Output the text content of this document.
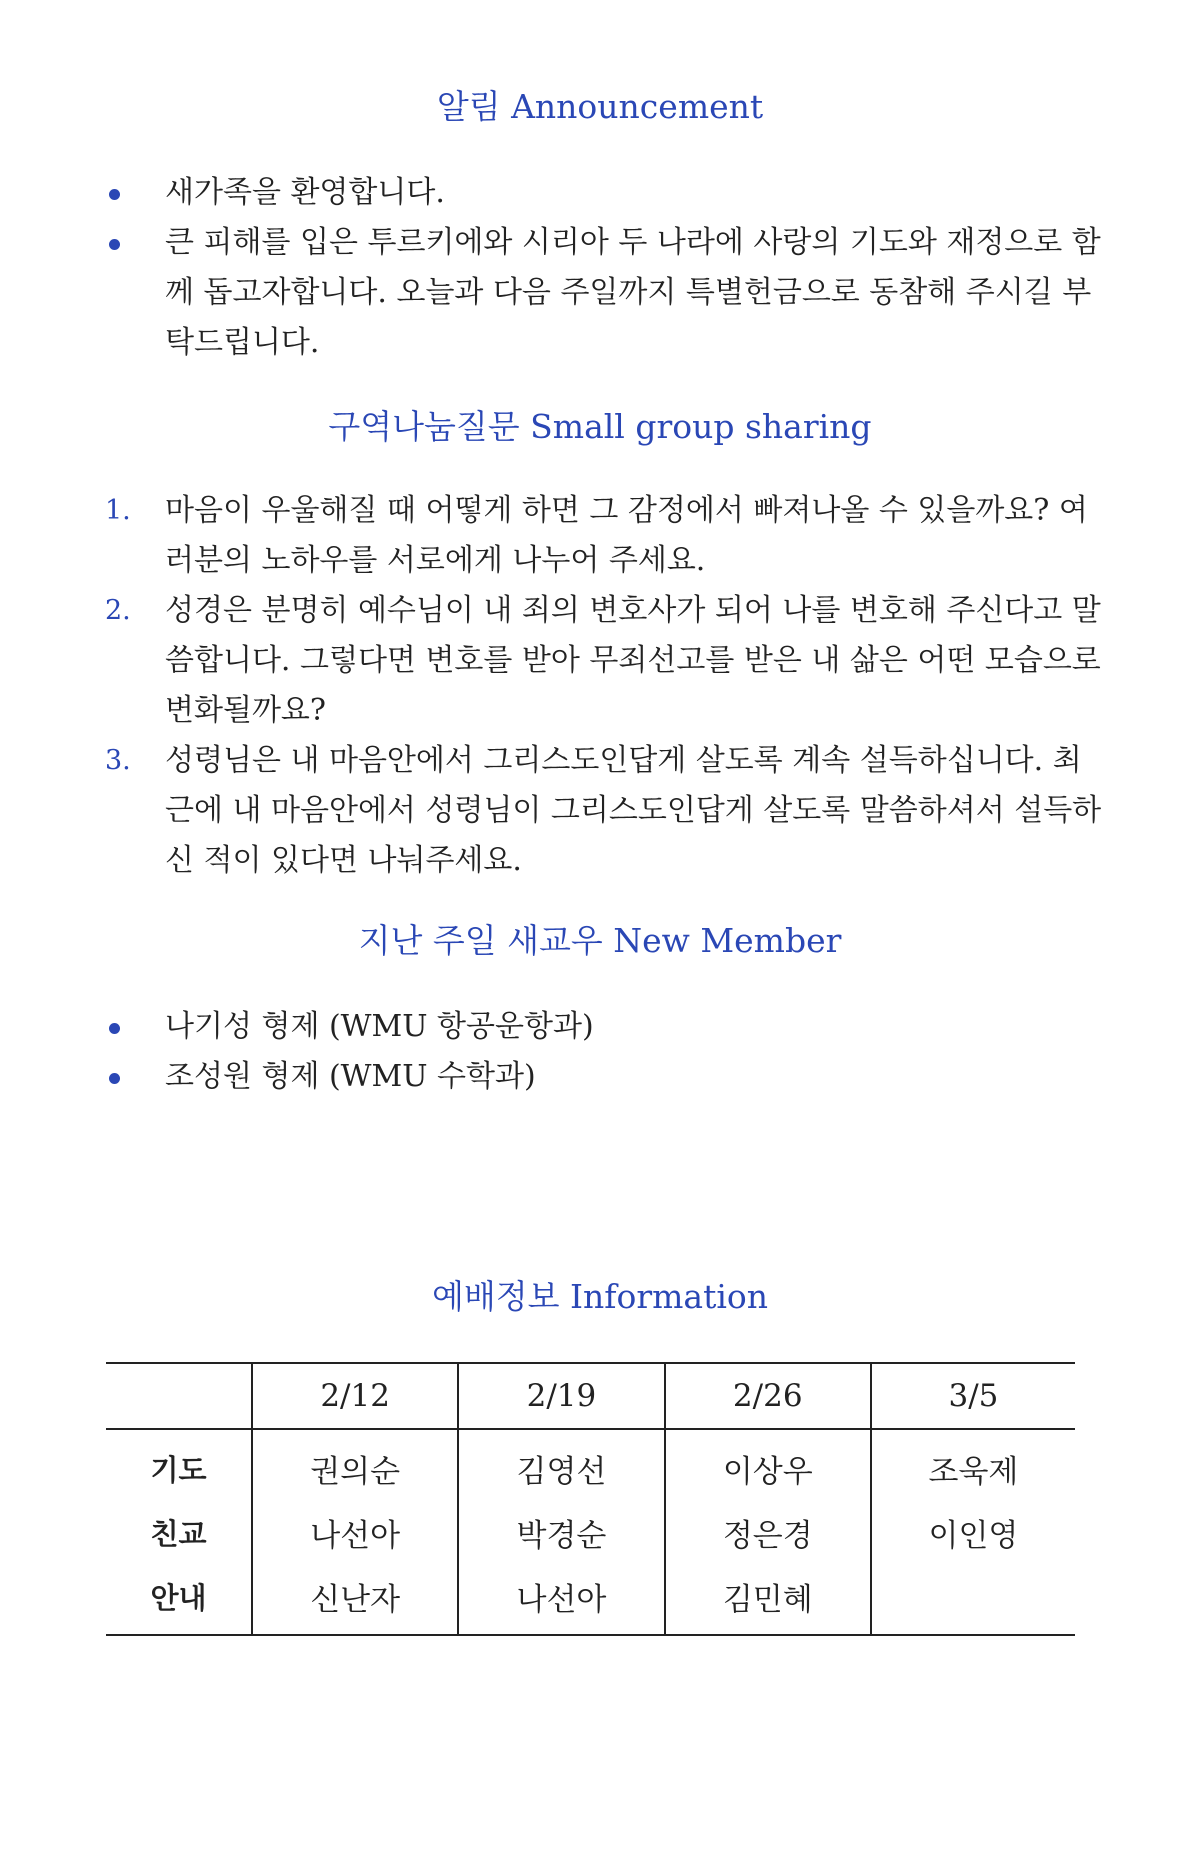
알림 Announcement
새가족을 환영합니다.
큰 피해를 입은 투르키에와 시리아 두 나라에 사랑의 기도와 재정으로 함께 돕고자합니다. 오늘과 다음 주일까지 특별헌금으로 동참해 주시길 부탁드립니다.
구역나눔질문 Small group sharing
1. 마음이 우울해질 때 어떻게 하면 그 감정에서 빠져나올 수 있을까요? 여러분의 노하우를 서로에게 나누어 주세요.
2. 성경은 분명히 예수님이 내 죄의 변호사가 되어 나를 변호해 주신다고 말씀합니다. 그렇다면 변호를 받아 무죄선고를 받은 내 삶은 어떤 모습으로 변화될까요?
3. 성령님은 내 마음안에서 그리스도인답게 살도록 계속 설득하십니다. 최근에 내 마음안에서 성령님이 그리스도인답게 살도록 말씀하셔서 설득하신 적이 있다면 나눠주세요.
지난 주일 새교우 New Member
나기성 형제 (WMU 항공운항과)
조성원 형제 (WMU 수학과)
예배정보 Information
	2/12	2/19	2/26	3/5
기도	권의순	김영선	이상우	조욱제
친교	나선아	박경순	정은경	이인영
안내	신난자	나선아	김민혜	
